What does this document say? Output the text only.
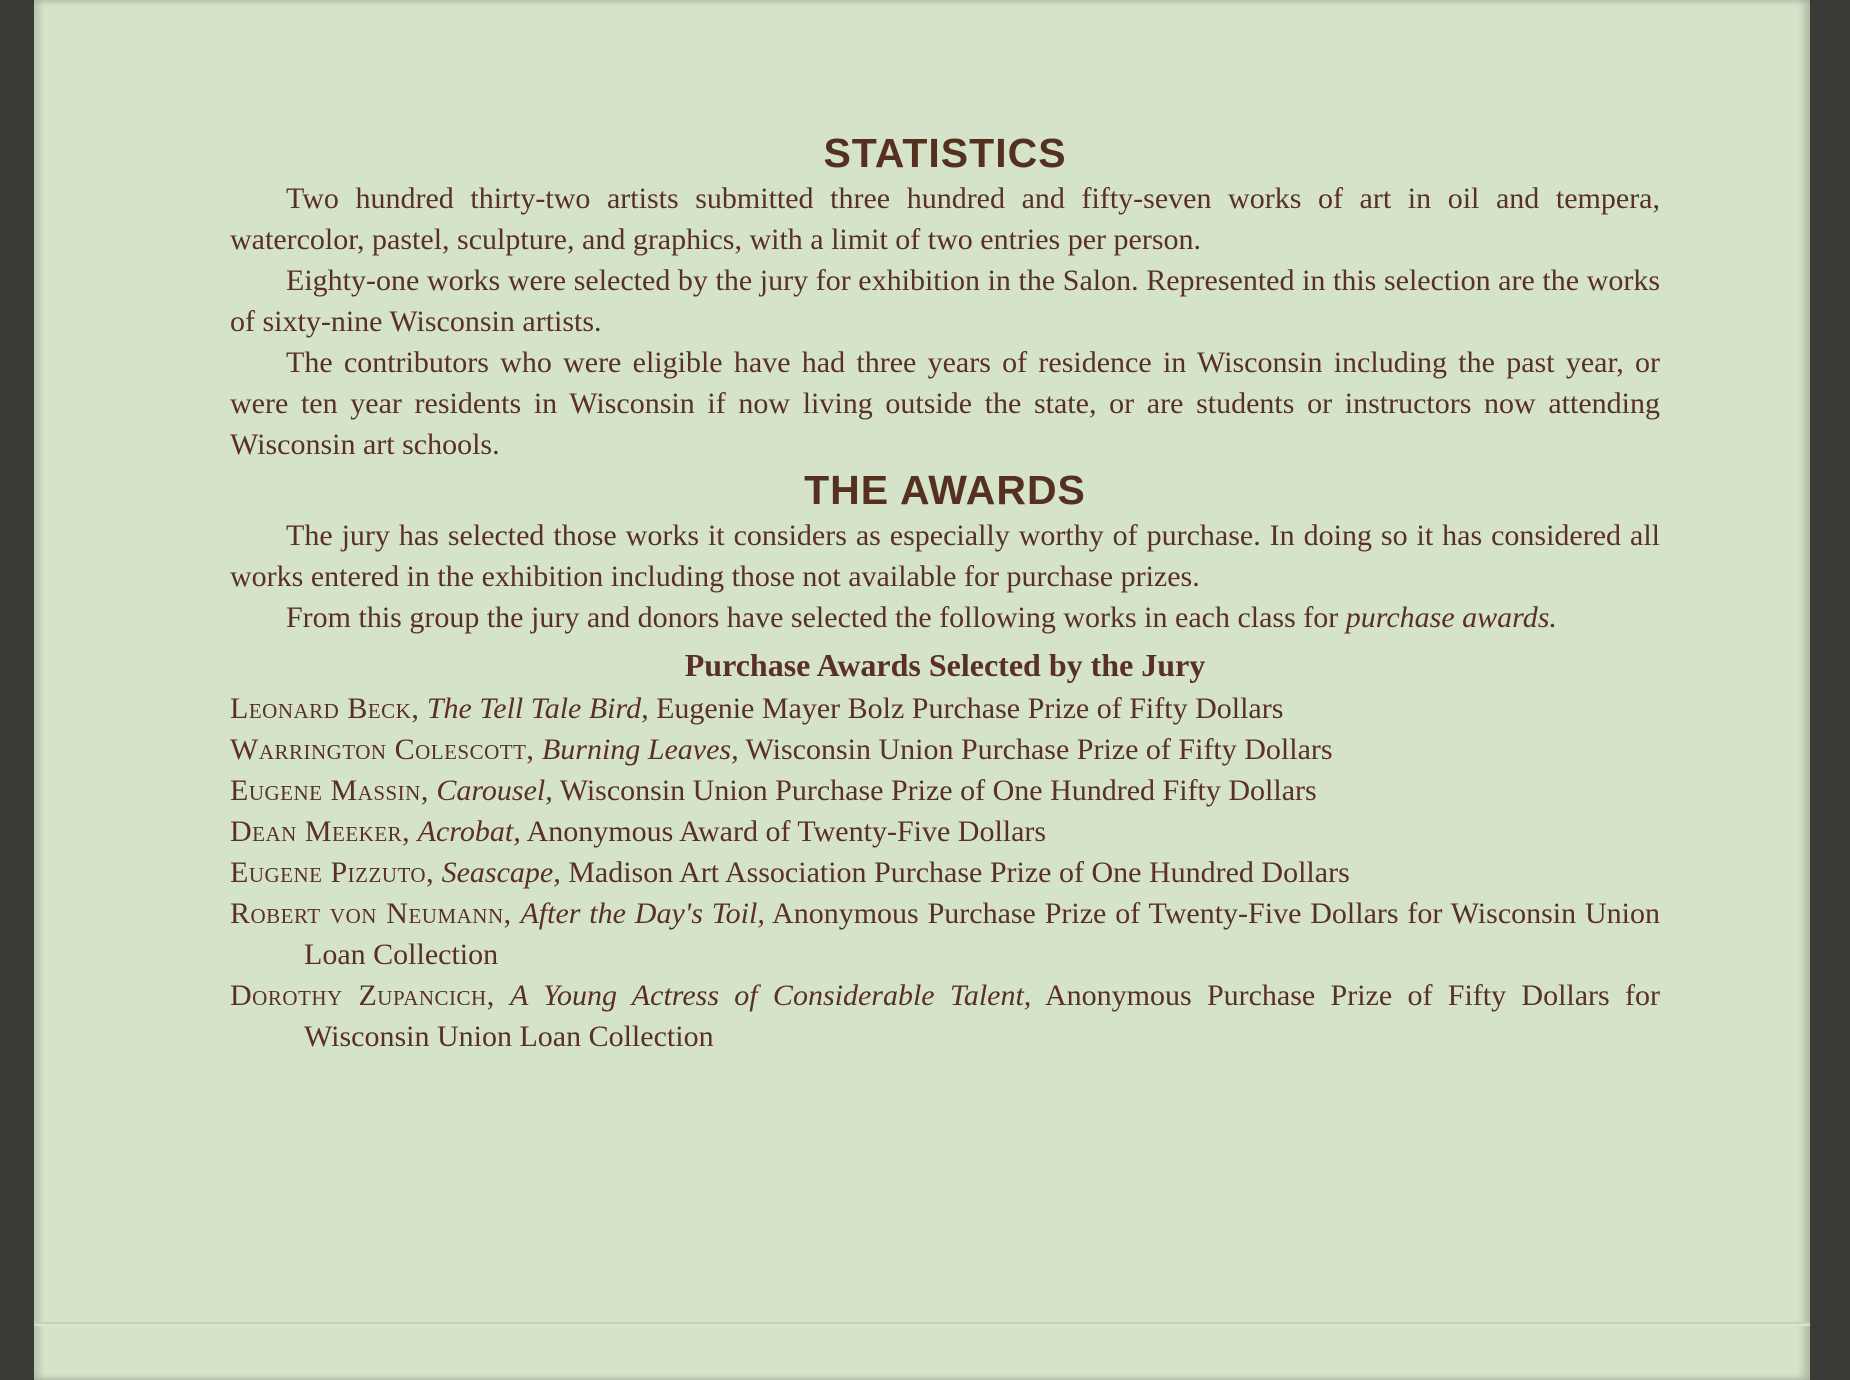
STATISTICS

Two hundred thirty-two artists submitted three hundred and fifty-seven works of art in oil and tempera, watercolor, pastel, sculpture, and graphics, with a limit of two entries per person.

Eighty-one works were selected by the jury for exhibition in the Salon. Represented in this selection are the works of sixty-nine Wisconsin artists.

The contributors who were eligible have had three years of residence in Wisconsin including the past year, or were ten year residents in Wisconsin if now living outside the state, or are students or instructors now attending Wisconsin art schools.

THE AWARDS

The jury has selected those works it considers as especially worthy of purchase. In doing so it has considered all works entered in the exhibition including those not available for purchase prizes.

From this group the jury and donors have selected the following works in each class for purchase awards.

Purchase Awards Selected by the Jury

Leonard Beck, The Tell Tale Bird, Eugenie Mayer Bolz Purchase Prize of Fifty Dollars

Warrington Colescott, Burning Leaves, Wisconsin Union Purchase Prize of Fifty Dollars

Eugene Massin, Carousel, Wisconsin Union Purchase Prize of One Hundred Fifty Dollars

Dean Meeker, Acrobat, Anonymous Award of Twenty-Five Dollars

Eugene Pizzuto, Seascape, Madison Art Association Purchase Prize of One Hundred Dollars

Robert von Neumann, After the Day's Toil, Anonymous Purchase Prize of Twenty-Five Dollars for Wisconsin Union Loan Collection

Dorothy Zupancich, A Young Actress of Considerable Talent, Anonymous Purchase Prize of Fifty Dollars for Wisconsin Union Loan Collection
